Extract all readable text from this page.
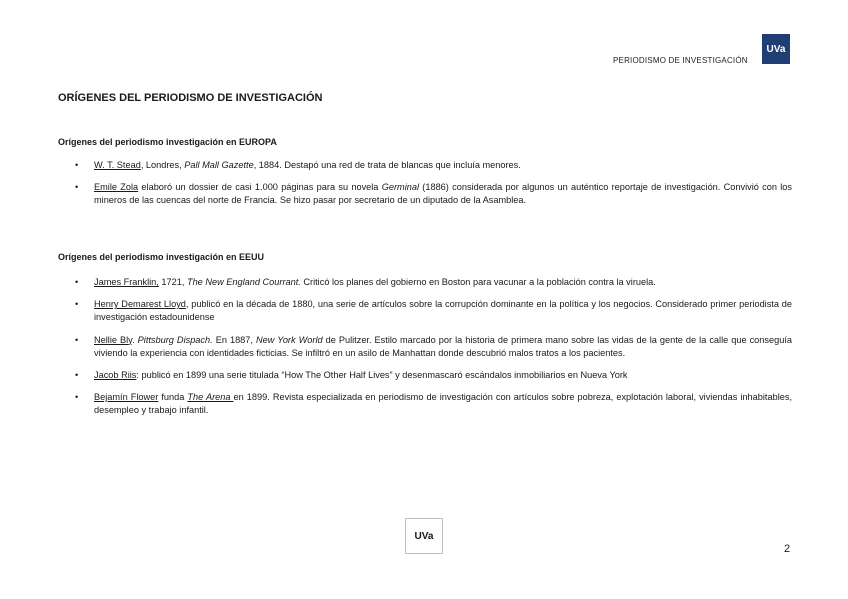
PERIODISMO DE INVESTIGACIÓN
UVa
ORÍGENES DEL PERIODISMO DE INVESTIGACIÓN
Orígenes del periodismo investigación en EUROPA
• W. T. Stead, Londres, Pall Mall Gazette, 1884. Destapó una red de trata de blancas que incluía menores.
• Emile Zola elaboró un dossier de casi 1.000 páginas para su novela Germinal (1886) considerada por algunos un auténtico reportaje de investigación. Convivió con los mineros de las cuencas del norte de Francia. Se hizo pasar por secretario de un diputado de la Asamblea.
Orígenes del periodismo investigación en EEUU
• James Franklin, 1721, The New England Courrant. Criticó los planes del gobierno en Boston para vacunar a la población contra la viruela.
• Henry Demarest Lloyd, publicó en la década de 1880, una serie de artículos sobre la corrupción dominante en la política y los negocios. Considerado primer periodista de investigación estadounidense
• Nellie Bly. Pittsburg Dispach. En 1887, New York World de Pulitzer. Estilo marcado por la historia de primera mano sobre las vidas de la gente de la calle que conseguía viviendo la experiencia con identidades ficticias. Se infiltró en un asilo de Manhattan donde descubrió malos tratos a los pacientes.
• Jacob Riis: publicó en 1899 una serie titulada “How The Other Half Lives” y desenmascaró escándalos inmobiliarios en Nueva York
• Bejamín Flower funda The Arena en 1899. Revista especializada en periodismo de investigación con artículos sobre pobreza, explotación laboral, viviendas inhabitables, desempleo y trabajo infantil.
UVa
2
